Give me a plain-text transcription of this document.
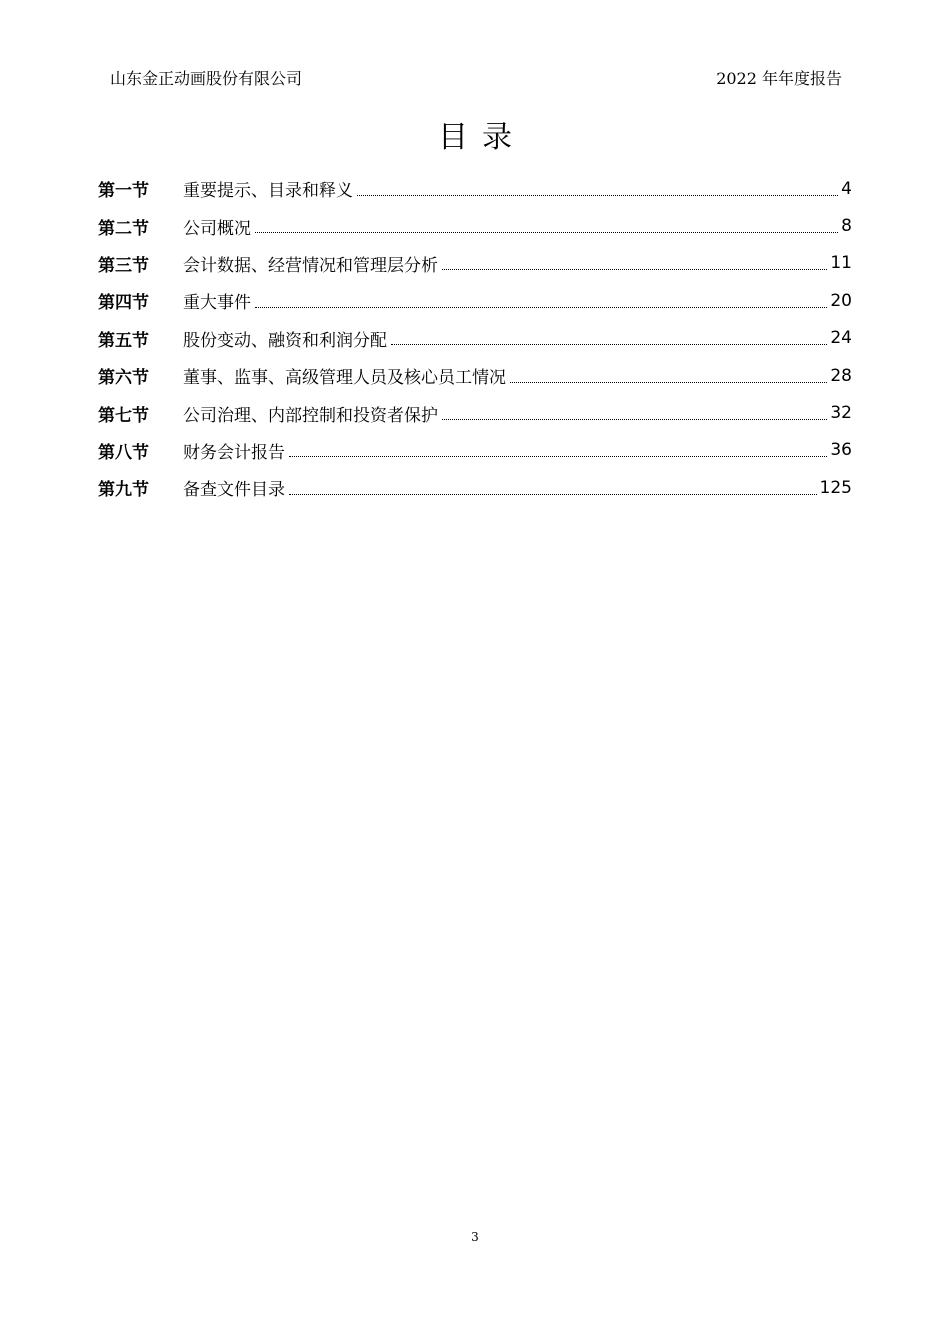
山东金正动画股份有限公司	2022 年年度报告
目录
第一节	重要提示、目录和释义	4
第二节	公司概况	8
第三节	会计数据、经营情况和管理层分析	11
第四节	重大事件	20
第五节	股份变动、融资和利润分配	24
第六节	董事、监事、高级管理人员及核心员工情况	28
第七节	公司治理、内部控制和投资者保护	32
第八节	财务会计报告	36
第九节	备查文件目录	125
3
